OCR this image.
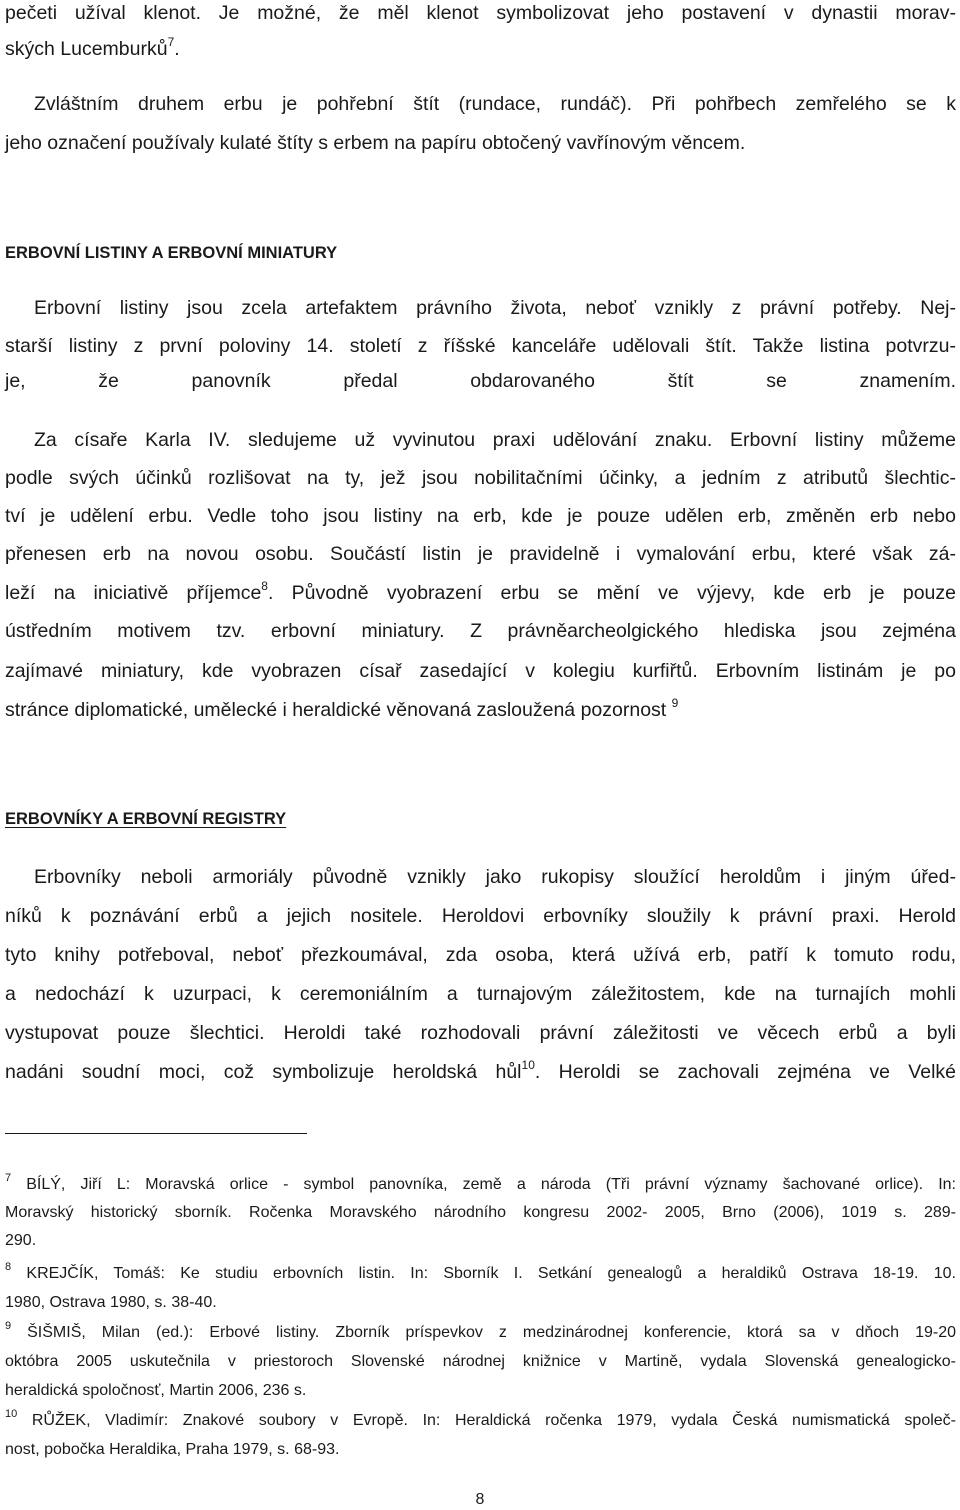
pečeti užíval klenot. Je možné, že měl klenot symbolizovat jeho postavení v dynastii morav-
ských Lucemburků$^7$.
Zvláštním druhem erbu je pohřební štít (rundace, rundáč). Při pohřbech zemřelého se k
jeho označení používaly kulaté štíty s erbem na papíru obtočený vavřínovým věncem.
ERBOVNÍ LISTINY A ERBOVNÍ MINIATURY
Erbovní listiny jsou zcela artefaktem právního života, neboť vznikly z právní potřeby. Nej-
starší listiny z první poloviny 14. století z říšské kanceláře udělovali štít. Takže listina potvrzu-
je, že panovník předal obdarovaného štít se znamením.
Za císaře Karla IV. sledujeme už vyvinutou praxi udělování znaku. Erbovní listiny můžeme
podle svých účinků rozlišovat na ty, jež jsou nobilitačními účinky, a jedním z atributů šlechtic-
tví je udělení erbu. Vedle toho jsou listiny na erb, kde je pouze udělen erb, změněn erb nebo
přenesen erb na novou osobu. Součástí listin je pravidelně i vymalování erbu, které však zá-
leží na iniciativě příjemce$^8$. Původně vyobrazení erbu se mění ve výjevy, kde erb je pouze
ústředním motivem tzv. erbovní miniatury. Z právněarcheolgického hlediska jsou zejména
zajímavé miniatury, kde vyobrazen císař zasedající v kolegiu kurfiřtů. Erbovním listinám je po
stránce diplomatické, umělecké i heraldické věnovaná zasloužená pozornost $^9$
ERBOVNÍKY A ERBOVNÍ REGISTRY
Erbovníky neboli armoriály původně vznikly jako rukopisy sloužící heroldům i jiným úřed-
níků k poznávání erbů a jejich nositele. Heroldovi erbovníky sloužily k právní praxi. Herold
tyto knihy potřeboval, neboť přezkoumával, zda osoba, která užívá erb, patří k tomuto rodu,
a nedochází k uzurpaci, k ceremoniálním a turnajovým záležitostem, kde na turnajích mohli
vystupovat pouze šlechtici. Heroldi také rozhodovali právní záležitosti ve věcech erbů a byli
nadáni soudní moci, což symbolizuje heroldská hůl$^{10}$. Heroldi se zachovali zejména ve Velké
$^7$ BÍLÝ, Jiří L: Moravská orlice - symbol panovníka, země a národa (Tři právní významy šachované orlice). In:
Moravský historický sborník. Ročenka Moravského národního kongresu 2002- 2005, Brno (2006), 1019 s. 289-
290.
$^8$ KREJČÍK, Tomáš: Ke studiu erbovních listin. In: Sborník I. Setkání genealogů a heraldiků Ostrava 18-19. 10.
1980, Ostrava 1980, s. 38-40.
$^9$ ŠIŠMIŠ, Milan (ed.): Erbové listiny. Zborník príspevkov z medzinárodnej konferencie, ktorá sa v dňoch 19-20
októbra 2005 uskutečnila v priestoroch Slovenské národnej knižnice v Martině, vydala Slovenská genealogicko-
heraldická spoločnosť, Martin 2006, 236 s.
$^{10}$ RŮŽEK, Vladimír: Znakové soubory v Evropě. In: Heraldická ročenka 1979, vydala Česká numismatická společ-
nost, pobočka Heraldika, Praha 1979, s. 68-93.
8
